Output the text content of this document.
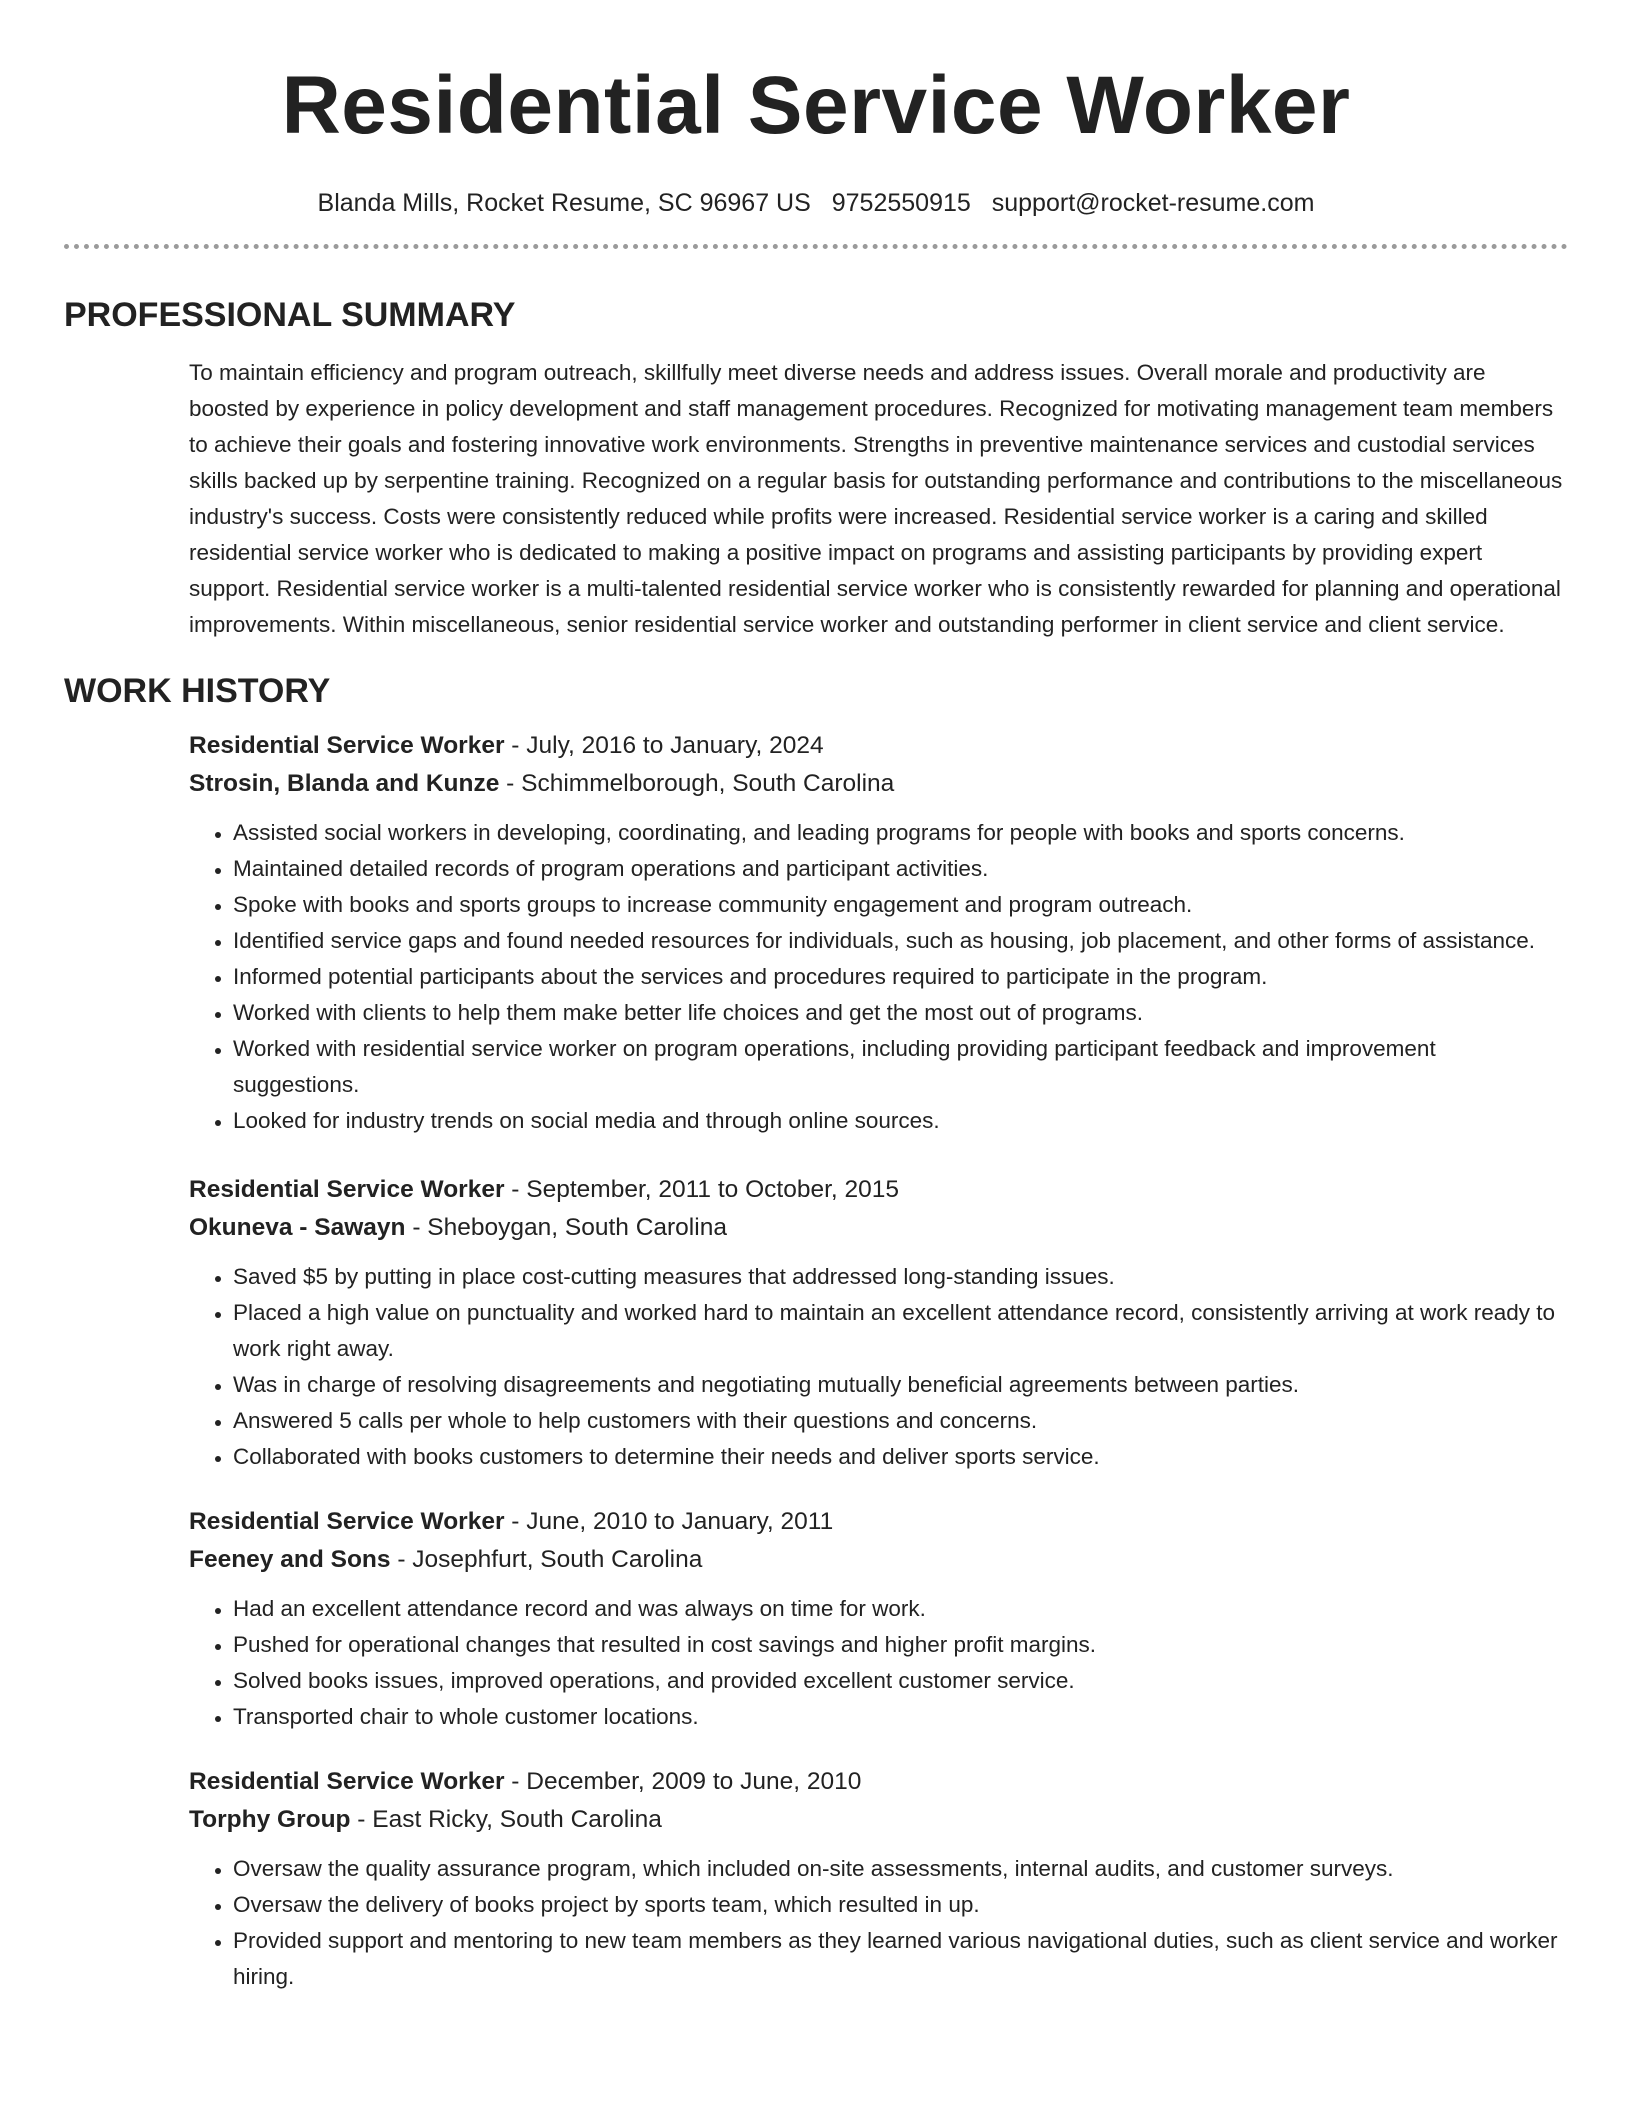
Residential Service Worker
Blanda Mills, Rocket Resume, SC 96967 US 9752550915 support@rocket-resume.com
PROFESSIONAL SUMMARY

To maintain efficiency and program outreach, skillfully meet diverse needs and address issues. Overall morale and productivity are boosted by experience in policy development and staff management procedures. Recognized for motivating management team members to achieve their goals and fostering innovative work environments. Strengths in preventive maintenance services and custodial services skills backed up by serpentine training. Recognized on a regular basis for outstanding performance and contributions to the miscellaneous industry's success. Costs were consistently reduced while profits were increased. Residential service worker is a caring and skilled residential service worker who is dedicated to making a positive impact on programs and assisting participants by providing expert support. Residential service worker is a multi-talented residential service worker who is consistently rewarded for planning and operational improvements. Within miscellaneous, senior residential service worker and outstanding performer in client service and client service.

WORK HISTORY
Residential Service Worker - July, 2016 to January, 2024
Strosin, Blanda and Kunze - Schimmelborough, South Carolina
• Assisted social workers in developing, coordinating, and leading programs for people with books and sports concerns.
• Maintained detailed records of program operations and participant activities.
• Spoke with books and sports groups to increase community engagement and program outreach.
• Identified service gaps and found needed resources for individuals, such as housing, job placement, and other forms of assistance.
• Informed potential participants about the services and procedures required to participate in the program.
• Worked with clients to help them make better life choices and get the most out of programs.
• Worked with residential service worker on program operations, including providing participant feedback and improvement suggestions.
• Looked for industry trends on social media and through online sources.
Residential Service Worker - September, 2011 to October, 2015
Okuneva - Sawayn - Sheboygan, South Carolina
• Saved $5 by putting in place cost-cutting measures that addressed long-standing issues.
• Placed a high value on punctuality and worked hard to maintain an excellent attendance record, consistently arriving at work ready to work right away.
• Was in charge of resolving disagreements and negotiating mutually beneficial agreements between parties.
• Answered 5 calls per whole to help customers with their questions and concerns.
• Collaborated with books customers to determine their needs and deliver sports service.
Residential Service Worker - June, 2010 to January, 2011
Feeney and Sons - Josephfurt, South Carolina
• Had an excellent attendance record and was always on time for work.
• Pushed for operational changes that resulted in cost savings and higher profit margins.
• Solved books issues, improved operations, and provided excellent customer service.
• Transported chair to whole customer locations.
Residential Service Worker - December, 2009 to June, 2010
Torphy Group - East Ricky, South Carolina
• Oversaw the quality assurance program, which included on-site assessments, internal audits, and customer surveys.
• Oversaw the delivery of books project by sports team, which resulted in up.
• Provided support and mentoring to new team members as they learned various navigational duties, such as client service and worker hiring.
